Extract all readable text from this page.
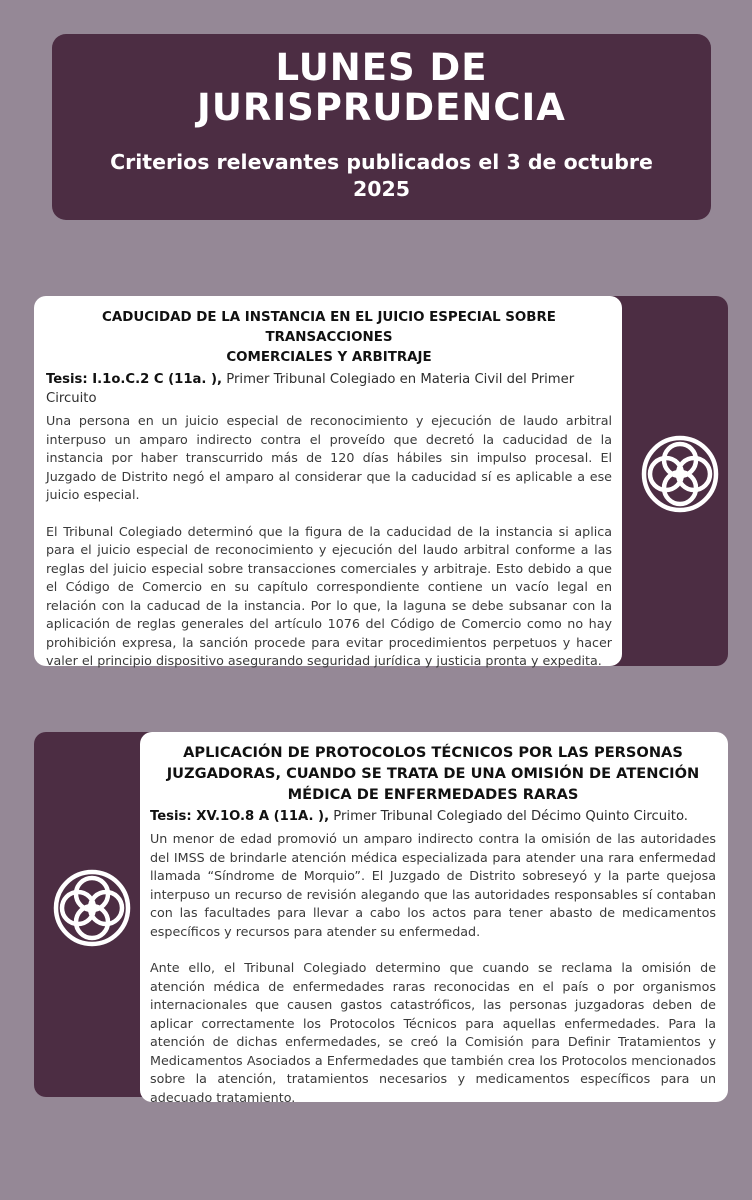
LUNES DE
JURISPRUDENCIA
Criterios relevantes publicados el 3 de octubre
2025
CADUCIDAD DE LA INSTANCIA EN EL JUICIO ESPECIAL SOBRE TRANSACCIONES
COMERCIALES Y ARBITRAJE
Tesis: I.1o.C.2 C (11a. ), Primer Tribunal Colegiado en Materia Civil del Primer Circuito

Una persona en un juicio especial de reconocimiento y ejecución de laudo arbitral interpuso un amparo indirecto contra el proveído que decretó la caducidad de la instancia por haber transcurrido más de 120 días hábiles sin impulso procesal. El Juzgado de Distrito negó el amparo al considerar que la caducidad sí es aplicable a ese juicio especial.

El Tribunal Colegiado determinó que la figura de la caducidad de la instancia si aplica para el juicio especial de reconocimiento y ejecución del laudo arbitral conforme a las reglas del juicio especial sobre transacciones comerciales y arbitraje. Esto debido a que el Código de Comercio en su capítulo correspondiente contiene un vacío legal en relación con la caducad de la instancia. Por lo que, la laguna se debe subsanar con la aplicación de reglas generales del artículo 1076 del Código de Comercio como no hay prohibición expresa, la sanción procede para evitar procedimientos perpetuos y hacer valer el principio dispositivo asegurando seguridad jurídica y justicia pronta y expedita.

APLICACIÓN DE PROTOCOLOS TÉCNICOS POR LAS PERSONAS
JUZGADORAS, CUANDO SE TRATA DE UNA OMISIÓN DE ATENCIÓN
MÉDICA DE ENFERMEDADES RARAS
Tesis: XV.1O.8 A (11A. ), Primer Tribunal Colegiado del Décimo Quinto Circuito.

Un menor de edad promovió un amparo indirecto contra la omisión de las autoridades del IMSS de brindarle atención médica especializada para atender una rara enfermedad llamada “Síndrome de Morquio”. El Juzgado de Distrito sobreseyó y la parte quejosa interpuso un recurso de revisión alegando que las autoridades responsables sí contaban con las facultades para llevar a cabo los actos para tener abasto de medicamentos específicos y recursos para atender su enfermedad.

Ante ello, el Tribunal Colegiado determino que cuando se reclama la omisión de atención médica de enfermedades raras reconocidas en el país o por organismos internacionales que causen gastos catastróficos, las personas juzgadoras deben de aplicar correctamente los Protocolos Técnicos para aquellas enfermedades. Para la atención de dichas enfermedades, se creó la Comisión para Definir Tratamientos y Medicamentos Asociados a Enfermedades que también crea los Protocolos mencionados sobre la atención, tratamientos necesarios y medicamentos específicos para un adecuado tratamiento.
